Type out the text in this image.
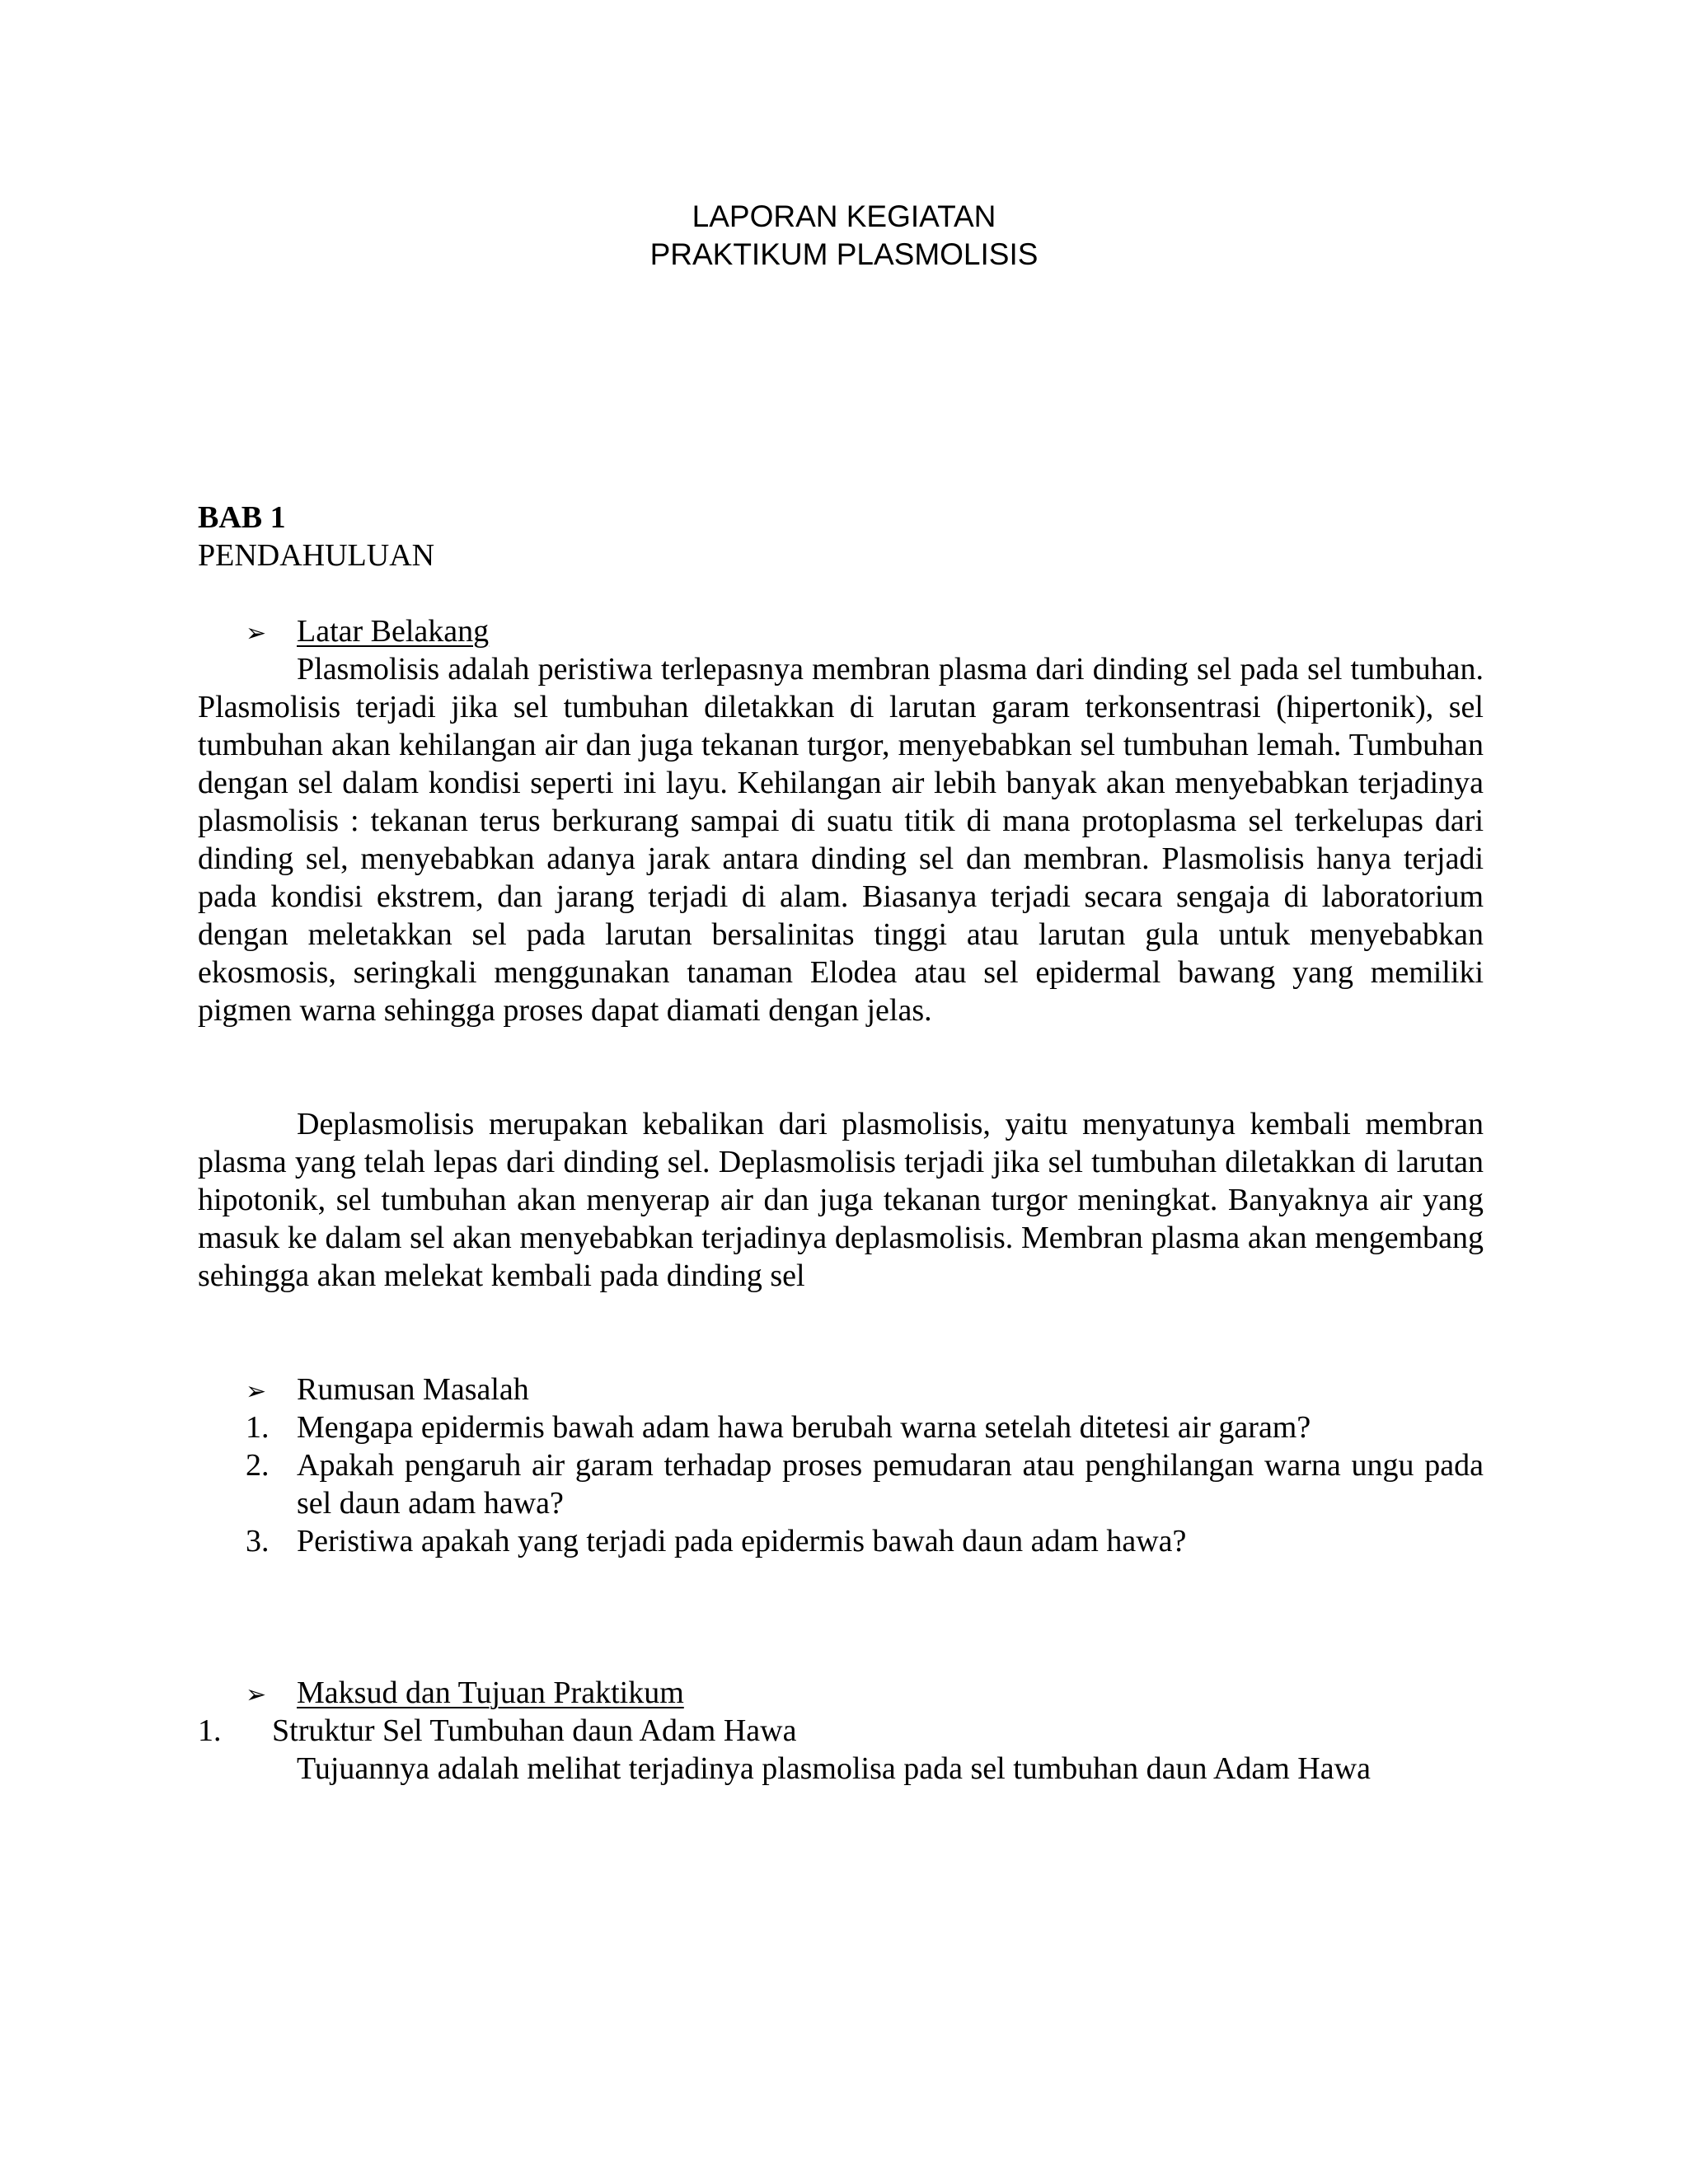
LAPORAN KEGIATAN
PRAKTIKUM PLASMOLISIS
BAB 1
PENDAHULUAN
➢ Latar Belakang

Plasmolisis adalah peristiwa terlepasnya membran plasma dari dinding sel pada sel tumbuhan. Plasmolisis terjadi jika sel tumbuhan diletakkan di larutan garam terkonsentrasi (hipertonik), sel tumbuhan akan kehilangan air dan juga tekanan turgor, menyebabkan sel tumbuhan lemah. Tumbuhan dengan sel dalam kondisi seperti ini layu. Kehilangan air lebih banyak akan menyebabkan terjadinya plasmolisis : tekanan terus berkurang sampai di suatu titik di mana protoplasma sel terkelupas dari dinding sel, menyebabkan adanya jarak antara dinding sel dan membran. Plasmolisis hanya terjadi pada kondisi ekstrem, dan jarang terjadi di alam. Biasanya terjadi secara sengaja di laboratorium dengan meletakkan sel pada larutan bersalinitas tinggi atau larutan gula untuk menyebabkan ekosmosis, seringkali menggunakan tanaman Elodea atau sel epidermal bawang yang memiliki pigmen warna sehingga proses dapat diamati dengan jelas.

Deplasmolisis merupakan kebalikan dari plasmolisis, yaitu menyatunya kembali membran plasma yang telah lepas dari dinding sel. Deplasmolisis terjadi jika sel tumbuhan diletakkan di larutan hipotonik, sel tumbuhan akan menyerap air dan juga tekanan turgor meningkat. Banyaknya air yang masuk ke dalam sel akan menyebabkan terjadinya deplasmolisis. Membran plasma akan mengembang sehingga akan melekat kembali pada dinding sel

➢ Rumusan Masalah
1. Mengapa epidermis bawah adam hawa berubah warna setelah ditetesi air garam?
2. Apakah pengaruh air garam terhadap proses pemudaran atau penghilangan warna ungu pada sel daun adam hawa?
3. Peristiwa apakah yang terjadi pada epidermis bawah daun adam hawa?
➢ Maksud dan Tujuan Praktikum
1. Struktur Sel Tumbuhan daun Adam Hawa
Tujuannya adalah melihat terjadinya plasmolisa pada sel tumbuhan daun Adam Hawa
